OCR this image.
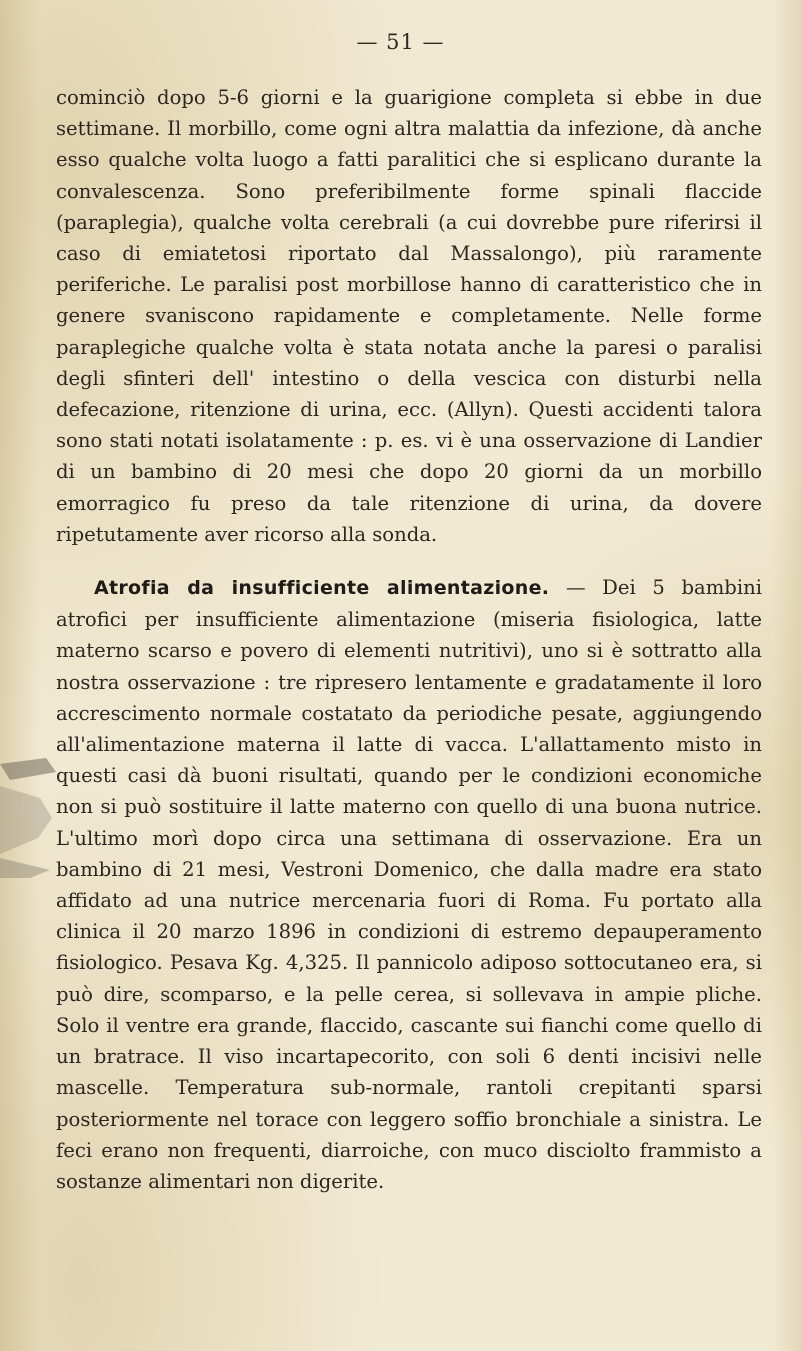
— 51 —

cominciò dopo 5-6 giorni e la guarigione completa si ebbe in due settimane. Il morbillo, come ogni altra malattia da infezione, dà anche esso qualche volta luogo a fatti paralitici che si esplicano durante la convalescenza. Sono preferibilmente forme spinali flaccide (paraplegia), qualche volta cerebrali (a cui dovrebbe pure riferirsi il caso di emiatetosi riportato dal Massalongo), più raramente periferiche. Le paralisi post morbillose hanno di caratteristico che in genere svaniscono rapidamente e completamente. Nelle forme paraplegiche qualche volta è stata notata anche la paresi o paralisi degli sfinteri dell' intestino o della vescica con disturbi nella defecazione, ritenzione di urina, ecc. (Allyn). Questi accidenti talora sono stati notati isolatamente : p. es. vi è una osservazione di Landier di un bambino di 20 mesi che dopo 20 giorni da un morbillo emorragico fu preso da tale ritenzione di urina, da dovere ripetutamente aver ricorso alla sonda.

Atrofia da insufficiente alimentazione. — Dei 5 bambini atrofici per insufficiente alimentazione (miseria fisiologica, latte materno scarso e povero di elementi nutritivi), uno si è sottratto alla nostra osservazione : tre ripresero lentamente e gradatamente il loro accrescimento normale costatato da periodiche pesate, aggiungendo all'alimentazione materna il latte di vacca. L'allattamento misto in questi casi dà buoni risultati, quando per le condizioni economiche non si può sostituire il latte materno con quello di una buona nutrice. L'ultimo morì dopo circa una settimana di osservazione. Era un bambino di 21 mesi, Vestroni Domenico, che dalla madre era stato affidato ad una nutrice mercenaria fuori di Roma. Fu portato alla clinica il 20 marzo 1896 in condizioni di estremo depauperamento fisiologico. Pesava Kg. 4,325. Il pannicolo adiposo sottocutaneo era, si può dire, scomparso, e la pelle cerea, si sollevava in ampie pliche. Solo il ventre era grande, flaccido, cascante sui fianchi come quello di un bratrace. Il viso incartapecorito, con soli 6 denti incisivi nelle mascelle. Temperatura sub-normale, rantoli crepitanti sparsi posteriormente nel torace con leggero soffio bronchiale a sinistra. Le feci erano non frequenti, diarroiche, con muco disciolto frammisto a sostanze alimentari non digerite.
